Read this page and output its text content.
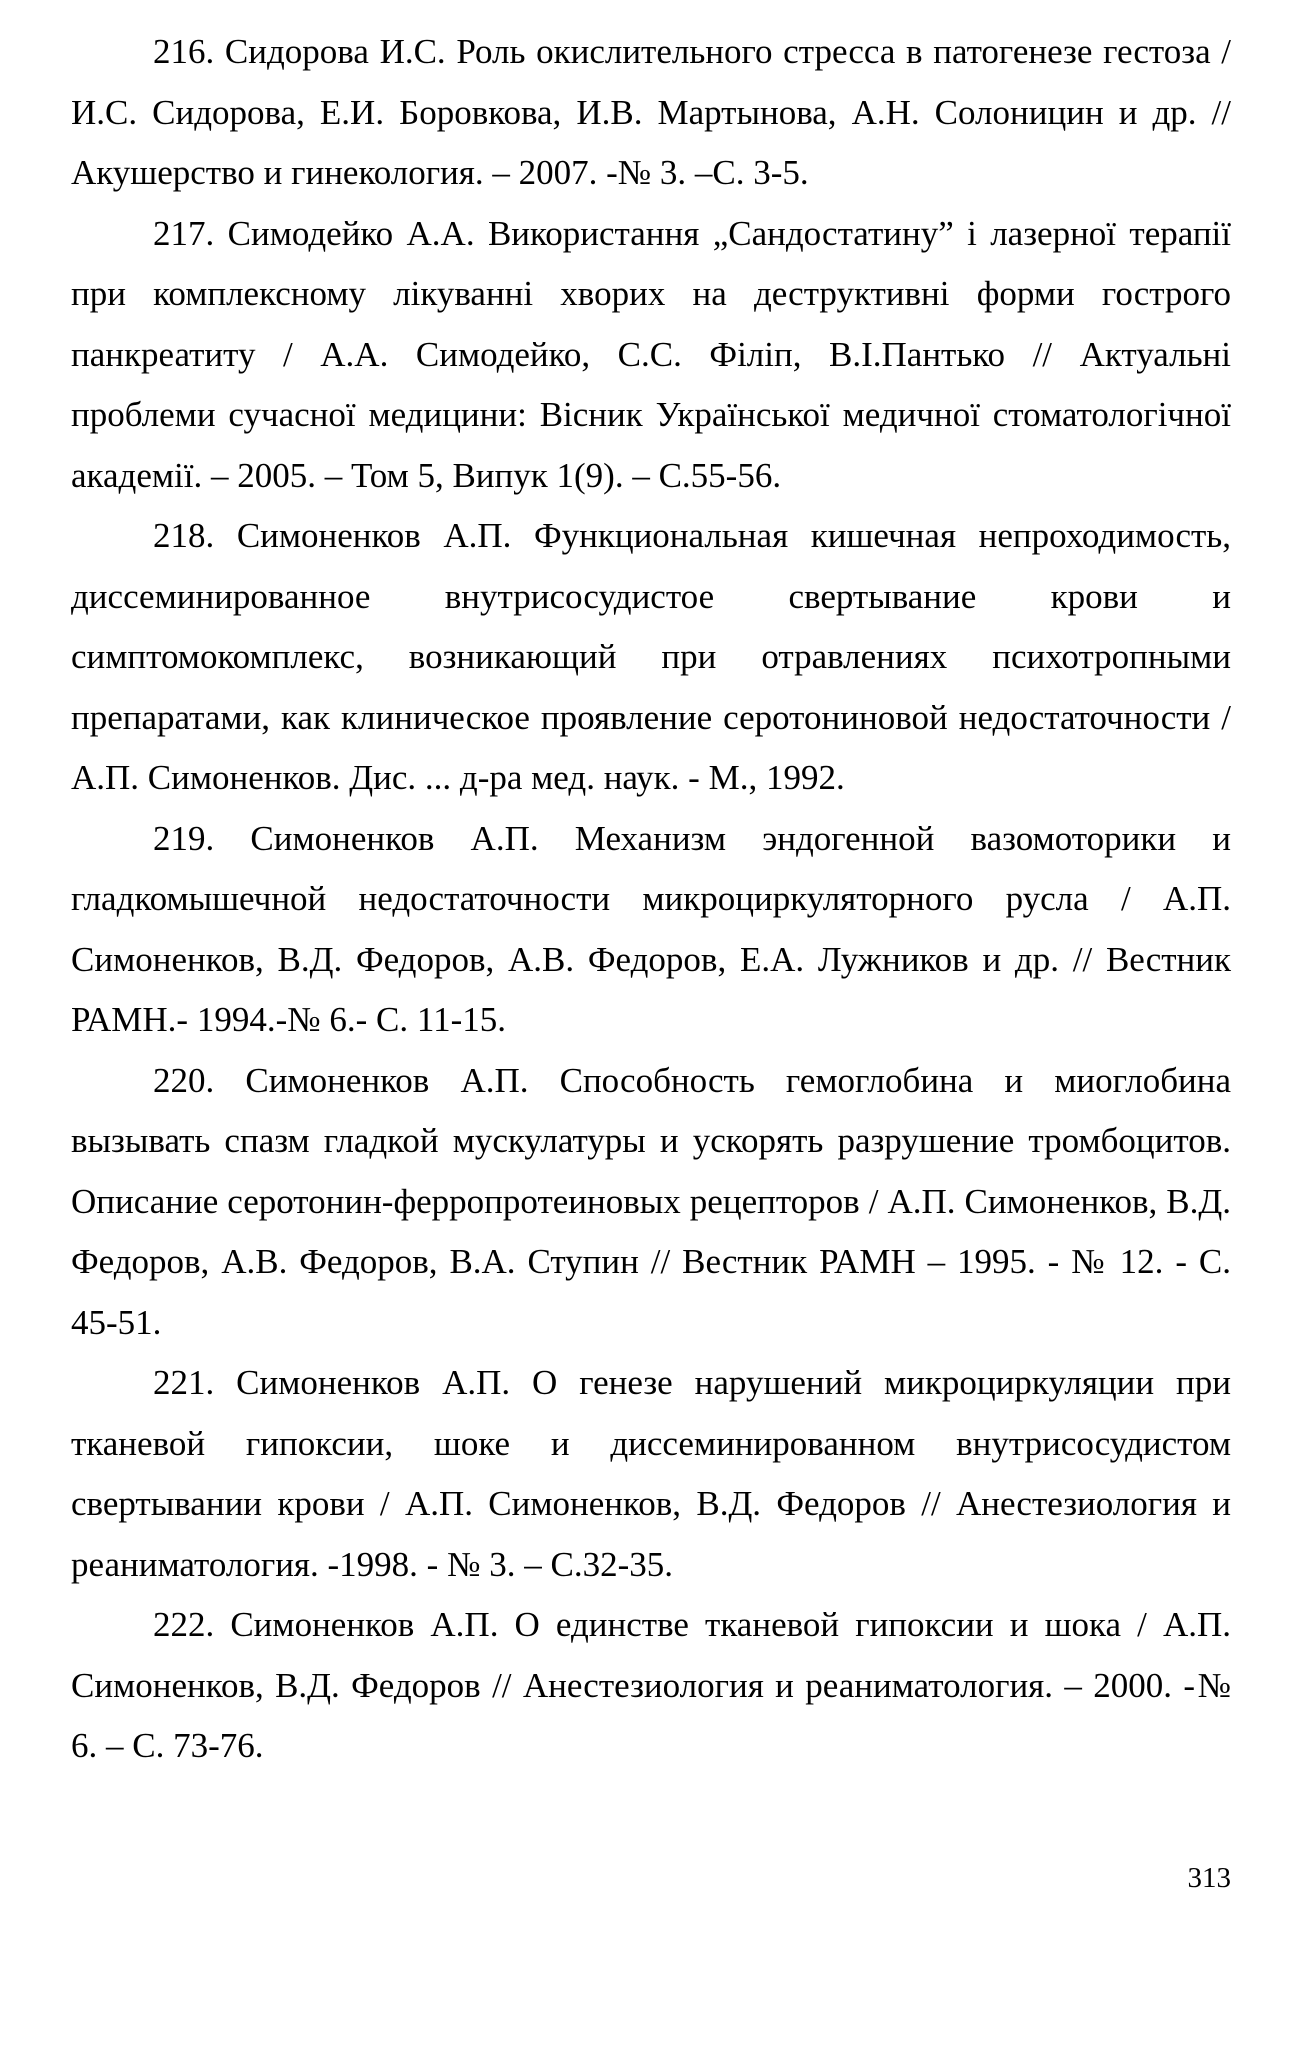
216. Сидорова И.С. Роль окислительного стресса в патогенезе гестоза / И.С. Сидорова, Е.И. Боровкова, И.В. Мартынова, А.Н. Солоницин и др. //Акушерство и гинекология. – 2007. -№ 3. –С. 3-5.

217. Симодейко А.А. Використання „Сандостатину” і лазерної терапії при комплексному лікуванні хворих на деструктивні форми гострого панкреатиту / А.А. Симодейко, С.С. Філіп, В.І.Пантько // Актуальні проблеми сучасної медицини: Вісник Української медичної стоматологічної академії. – 2005. – Том 5, Випук 1(9). – С.55-56.

218. Симоненков А.П. Функциональная кишечная непроходимость, диссеминированное внутрисосудистое свертывание крови и симптомокомплекс, возникающий при отравлениях психотропными препаратами, как клиническое проявление серотониновой недостаточности / А.П. Симоненков. Дис. ... д-ра мед. наук. - М., 1992.

219. Симоненков А.П. Механизм эндогенной вазомоторики и гладкомышечной недостаточности микроциркуляторного русла / А.П. Симоненков, В.Д. Федоров, А.В. Федоров, Е.А. Лужников и др. // Вестник РАМН.- 1994.-№ 6.- С. 11-15.

220. Симоненков А.П. Способность гемоглобина и миоглобина вызывать спазм гладкой мускулатуры и ускорять разрушение тромбоцитов. Описание серотонин-ферропротеиновых рецепторов / А.П. Симоненков, В.Д. Федоров, А.В. Федоров, В.А. Ступин // Вестник РАМН – 1995. - № 12. - С. 45-51.

221. Симоненков А.П. О генезе нарушений микроциркуляции при тканевой гипоксии, шоке и диссеминированном внутрисосудистом свертывании крови / А.П. Симоненков, В.Д. Федоров // Анестезиология и реаниматология. -1998. - № 3. – С.32-35.

222. Симоненков А.П. О единстве тканевой гипоксии и шока / А.П. Симоненков, В.Д. Федоров // Анестезиология и реаниматология. – 2000. -№ 6. – С. 73-76.

313
